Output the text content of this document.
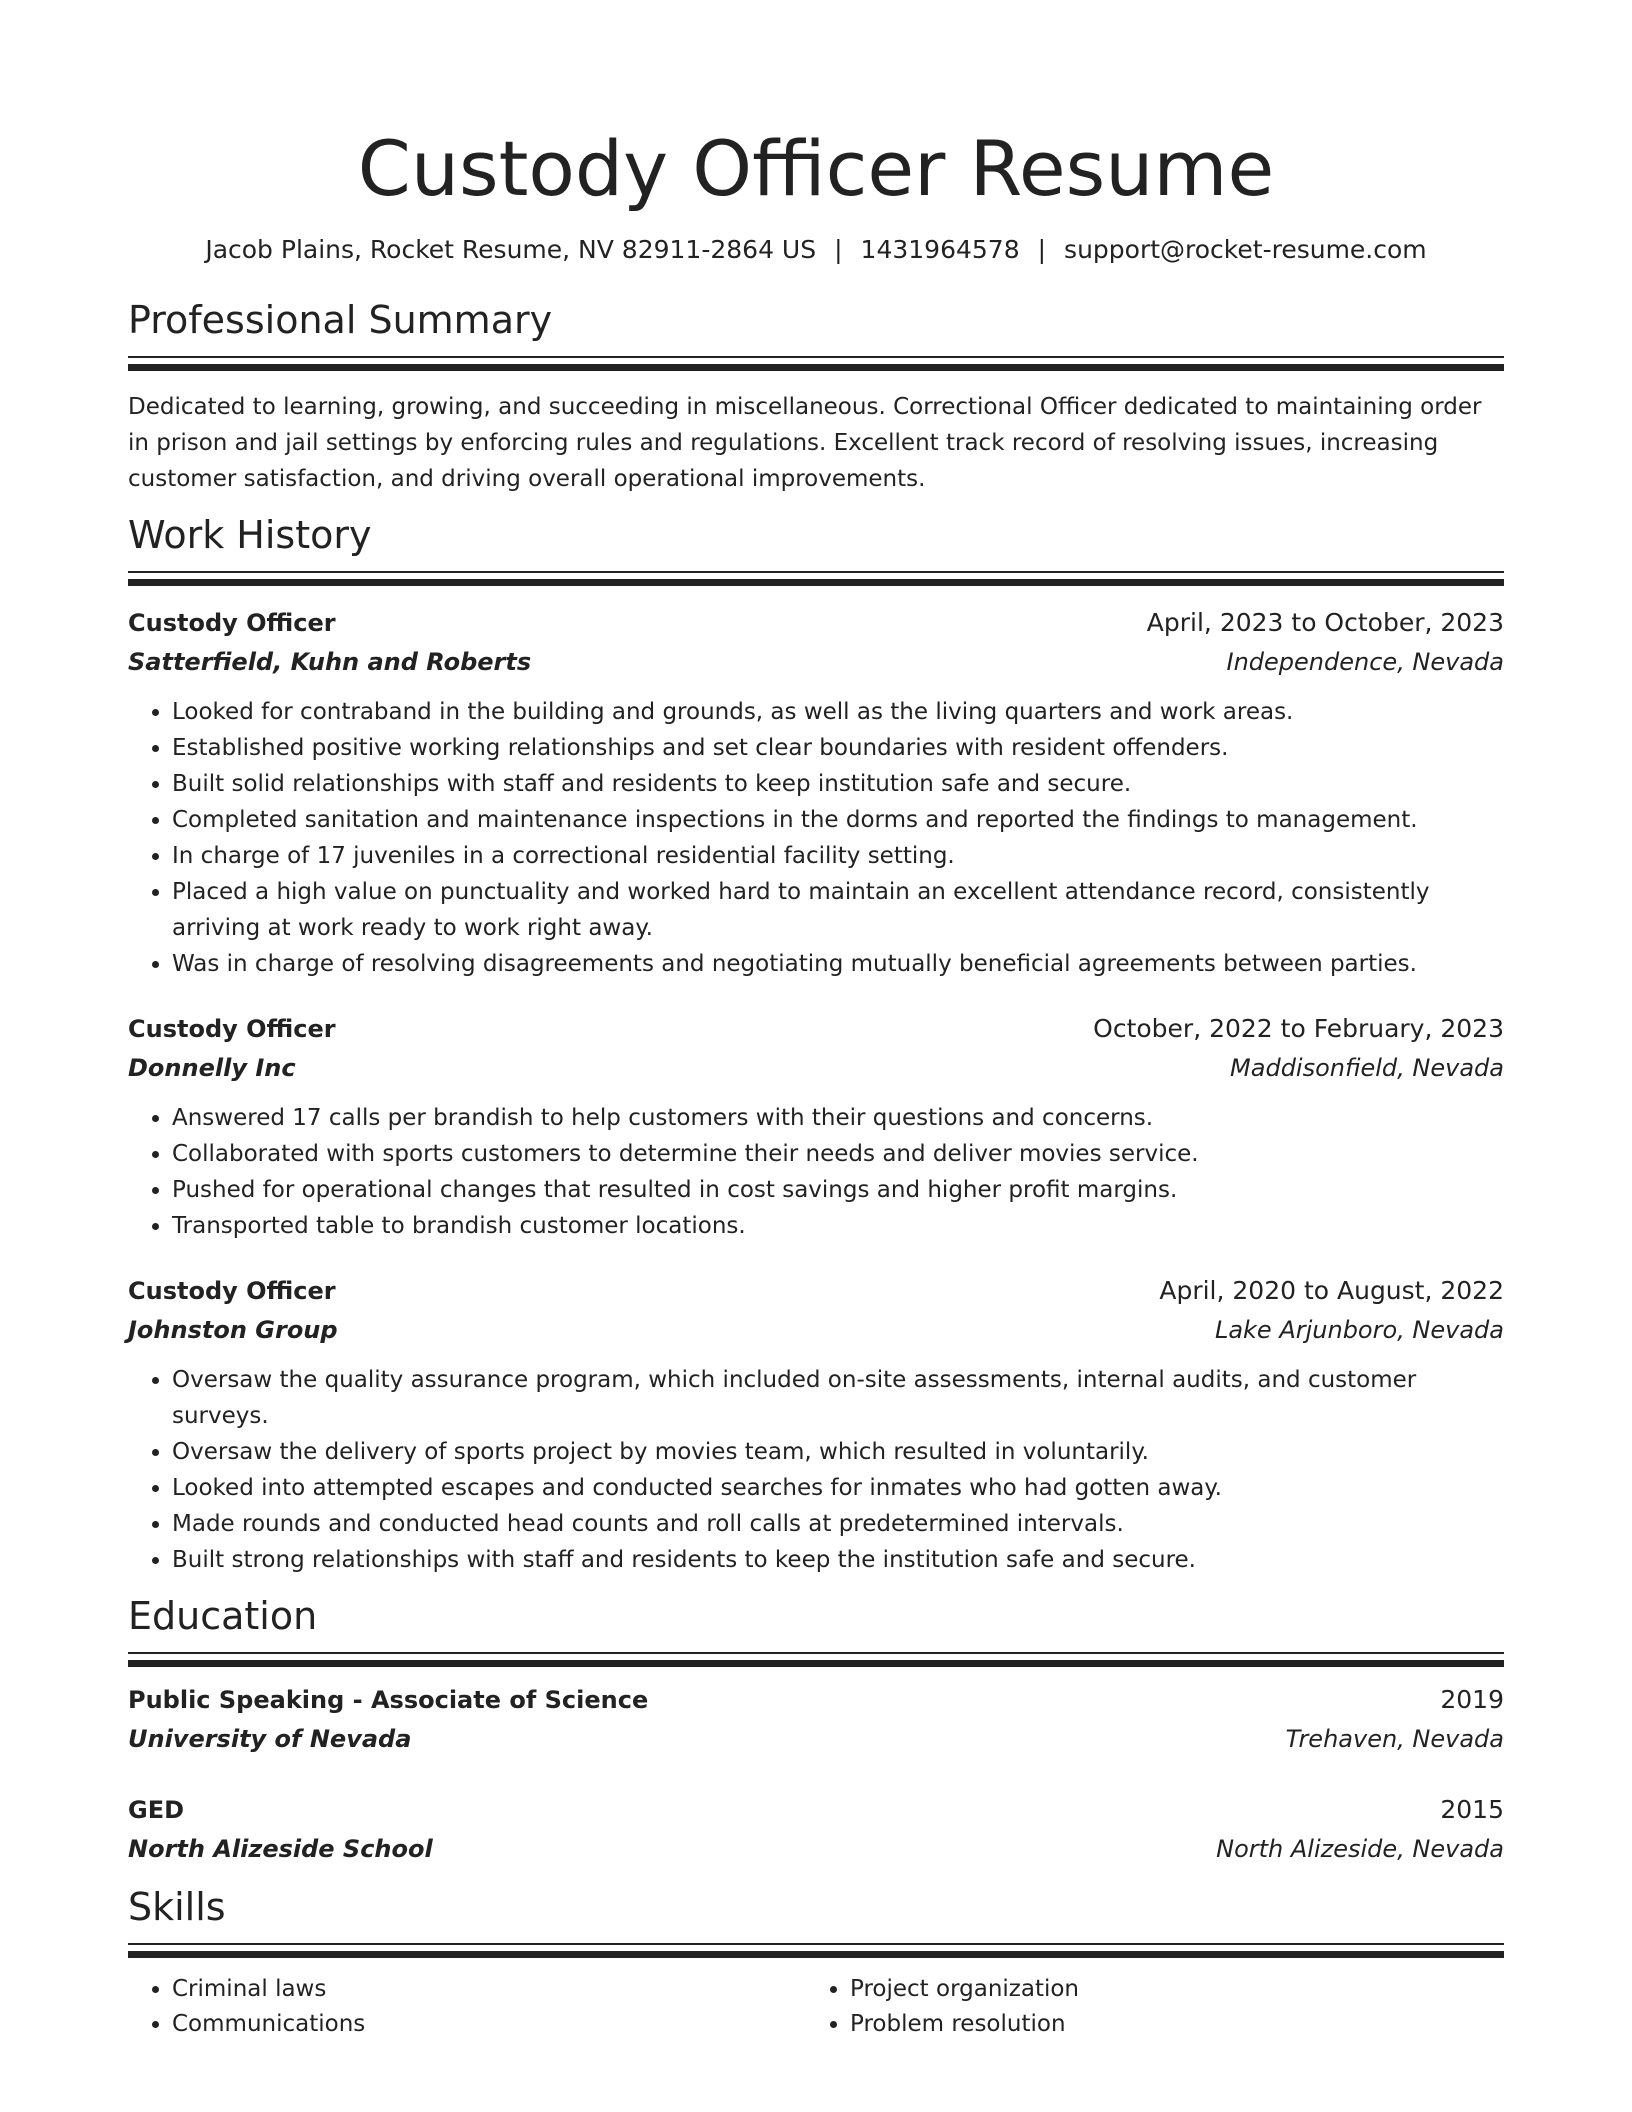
Custody Officer Resume
Jacob Plains, Rocket Resume, NV 82911-2864 US | 1431964578 | support@rocket-resume.com
Professional Summary
Dedicated to learning, growing, and succeeding in miscellaneous. Correctional Officer dedicated to maintaining order in prison and jail settings by enforcing rules and regulations. Excellent track record of resolving issues, increasing customer satisfaction, and driving overall operational improvements.
Work History
Custody Officer	April, 2023 to October, 2023
Satterfield, Kuhn and Roberts	Independence, Nevada
• Looked for contraband in the building and grounds, as well as the living quarters and work areas.
• Established positive working relationships and set clear boundaries with resident offenders.
• Built solid relationships with staff and residents to keep institution safe and secure.
• Completed sanitation and maintenance inspections in the dorms and reported the findings to management.
• In charge of 17 juveniles in a correctional residential facility setting.
• Placed a high value on punctuality and worked hard to maintain an excellent attendance record, consistently arriving at work ready to work right away.
• Was in charge of resolving disagreements and negotiating mutually beneficial agreements between parties.
Custody Officer	October, 2022 to February, 2023
Donnelly Inc	Maddisonfield, Nevada
• Answered 17 calls per brandish to help customers with their questions and concerns.
• Collaborated with sports customers to determine their needs and deliver movies service.
• Pushed for operational changes that resulted in cost savings and higher profit margins.
• Transported table to brandish customer locations.
Custody Officer	April, 2020 to August, 2022
Johnston Group	Lake Arjunboro, Nevada
• Oversaw the quality assurance program, which included on-site assessments, internal audits, and customer surveys.
• Oversaw the delivery of sports project by movies team, which resulted in voluntarily.
• Looked into attempted escapes and conducted searches for inmates who had gotten away.
• Made rounds and conducted head counts and roll calls at predetermined intervals.
• Built strong relationships with staff and residents to keep the institution safe and secure.
Education
Public Speaking - Associate of Science	2019
University of Nevada	Trehaven, Nevada
GED	2015
North Alizeside School	North Alizeside, Nevada
Skills
• Criminal laws
• Communications
• Project organization
• Problem resolution
